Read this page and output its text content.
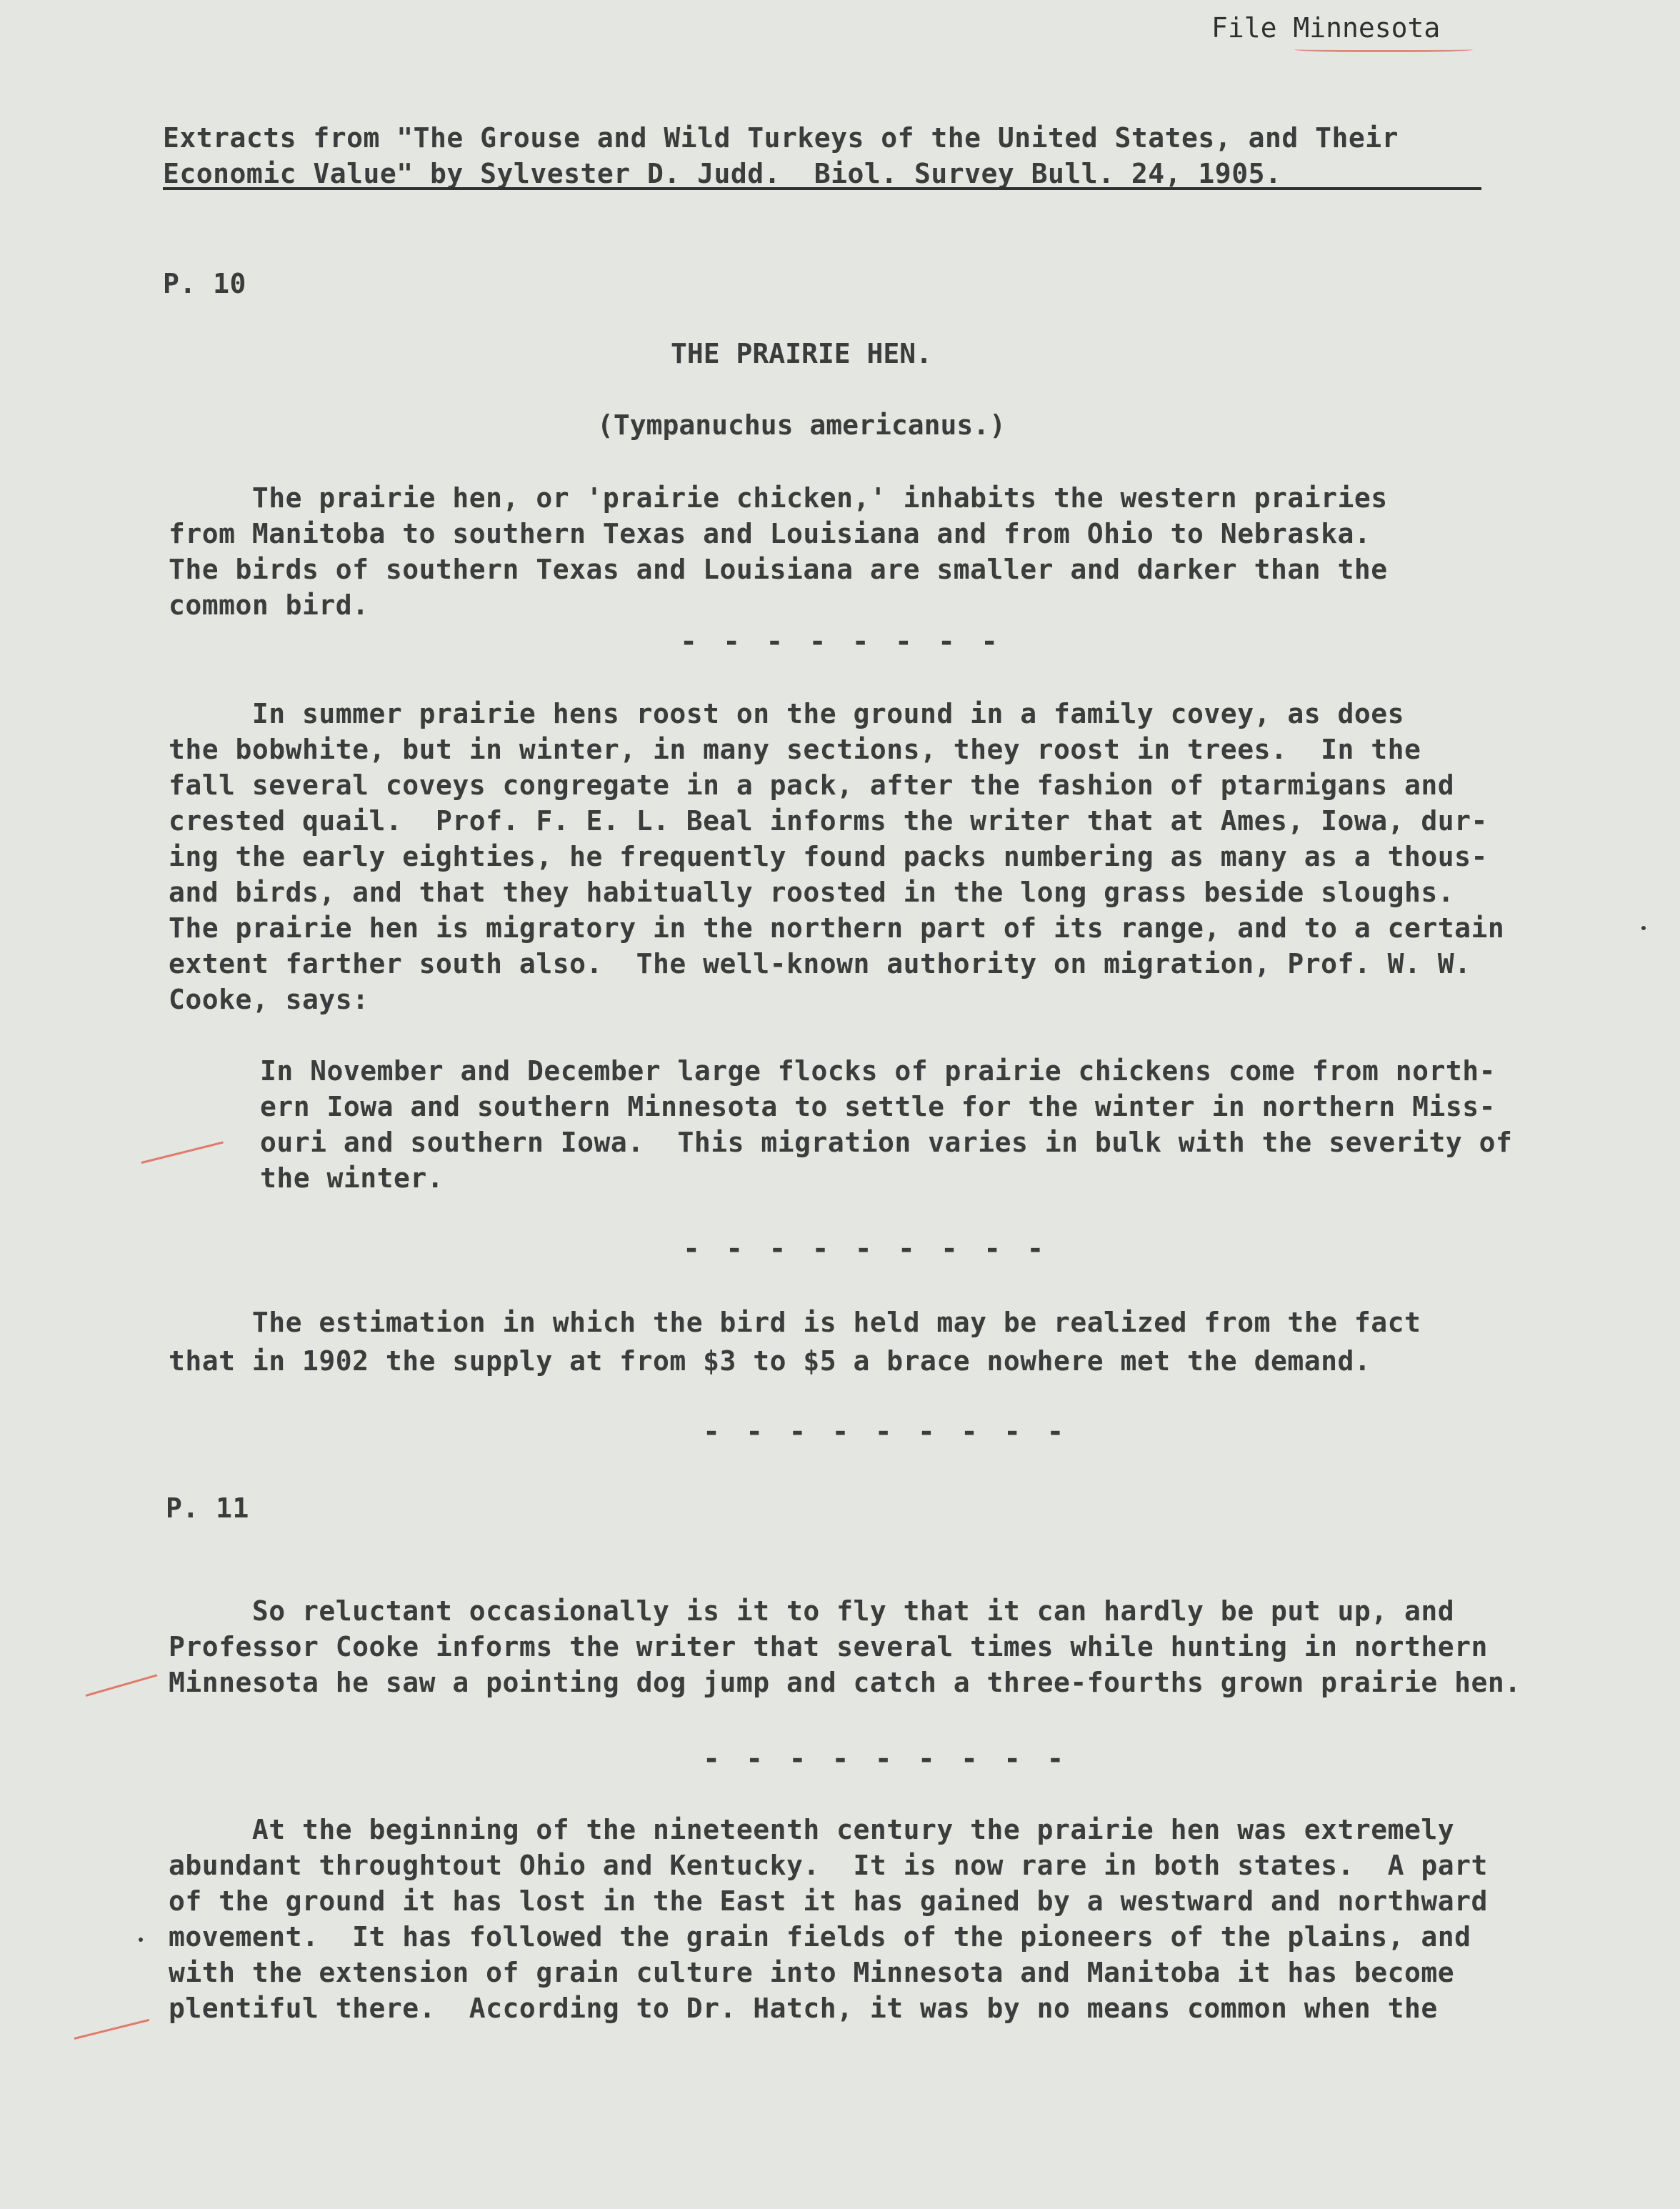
File Minnesota
Extracts from "The Grouse and Wild Turkeys of the United States, and Their
Economic Value" by Sylvester D. Judd.  Biol. Survey Bull. 24, 1905.
P. 10
THE PRAIRIE HEN.
(Tympanuchus americanus.)
The prairie hen, or 'prairie chicken,' inhabits the western prairies
from Manitoba to southern Texas and Louisiana and from Ohio to Nebraska.
The birds of southern Texas and Louisiana are smaller and darker than the
common bird.
- - - - - - - -
In summer prairie hens roost on the ground in a family covey, as does
the bobwhite, but in winter, in many sections, they roost in trees.  In the
fall several coveys congregate in a pack, after the fashion of ptarmigans and
crested quail.  Prof. F. E. L. Beal informs the writer that at Ames, Iowa, dur-
ing the early eighties, he frequently found packs numbering as many as a thous-
and birds, and that they habitually roosted in the long grass beside sloughs.
The prairie hen is migratory in the northern part of its range, and to a certain
extent farther south also.  The well-known authority on migration, Prof. W. W.
Cooke, says:
In November and December large flocks of prairie chickens come from north-
ern Iowa and southern Minnesota to settle for the winter in northern Miss-
ouri and southern Iowa.  This migration varies in bulk with the severity of
the winter.
- - - - - - - - -
The estimation in which the bird is held may be realized from the fact
that in 1902 the supply at from $3 to $5 a brace nowhere met the demand.
- - - - - - - - -
P. 11
So reluctant occasionally is it to fly that it can hardly be put up, and
Professor Cooke informs the writer that several times while hunting in northern
Minnesota he saw a pointing dog jump and catch a three-fourths grown prairie hen.
- - - - - - - - -
At the beginning of the nineteenth century the prairie hen was extremely
abundant throughtout Ohio and Kentucky.  It is now rare in both states.  A part
of the ground it has lost in the East it has gained by a westward and northward
movement.  It has followed the grain fields of the pioneers of the plains, and
with the extension of grain culture into Minnesota and Manitoba it has become
plentiful there.  According to Dr. Hatch, it was by no means common when the
